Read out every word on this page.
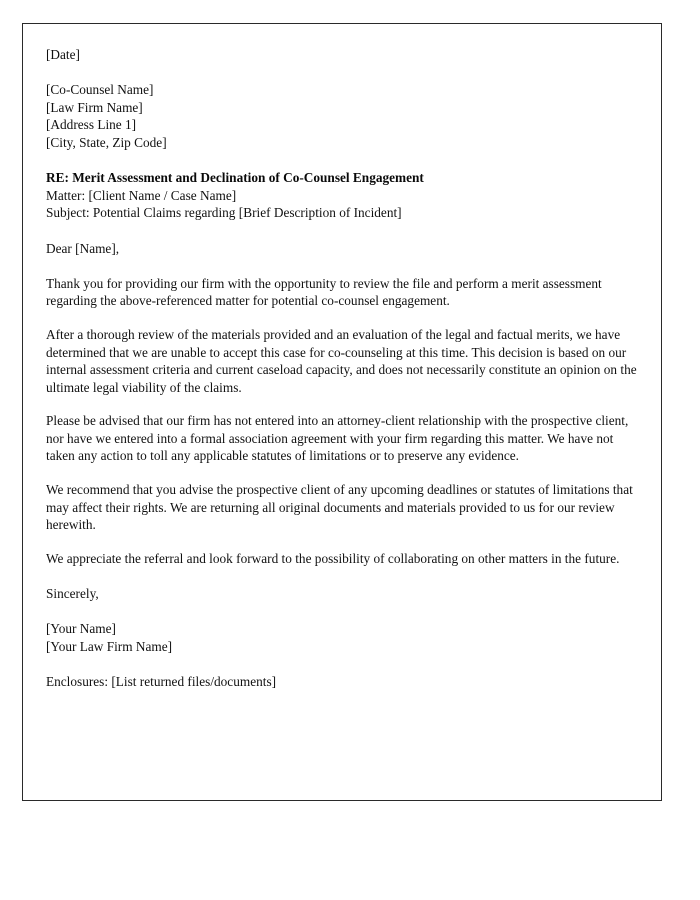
[Date]
[Co-Counsel Name]
[Law Firm Name]
[Address Line 1]
[City, State, Zip Code]
RE: Merit Assessment and Declination of Co-Counsel Engagement
Matter: [Client Name / Case Name]
Subject: Potential Claims regarding [Brief Description of Incident]
Dear [Name],

Thank you for providing our firm with the opportunity to review the file and perform a merit assessment regarding the above-referenced matter for potential co-counsel engagement.

After a thorough review of the materials provided and an evaluation of the legal and factual merits, we have determined that we are unable to accept this case for co-counseling at this time. This decision is based on our internal assessment criteria and current caseload capacity, and does not necessarily constitute an opinion on the ultimate legal viability of the claims.

Please be advised that our firm has not entered into an attorney-client relationship with the prospective client, nor have we entered into a formal association agreement with your firm regarding this matter. We have not taken any action to toll any applicable statutes of limitations or to preserve any evidence.

We recommend that you advise the prospective client of any upcoming deadlines or statutes of limitations that may affect their rights. We are returning all original documents and materials provided to us for our review herewith.

We appreciate the referral and look forward to the possibility of collaborating on other matters in the future.

Sincerely,
[Your Name]
[Your Law Firm Name]
Enclosures: [List returned files/documents]
